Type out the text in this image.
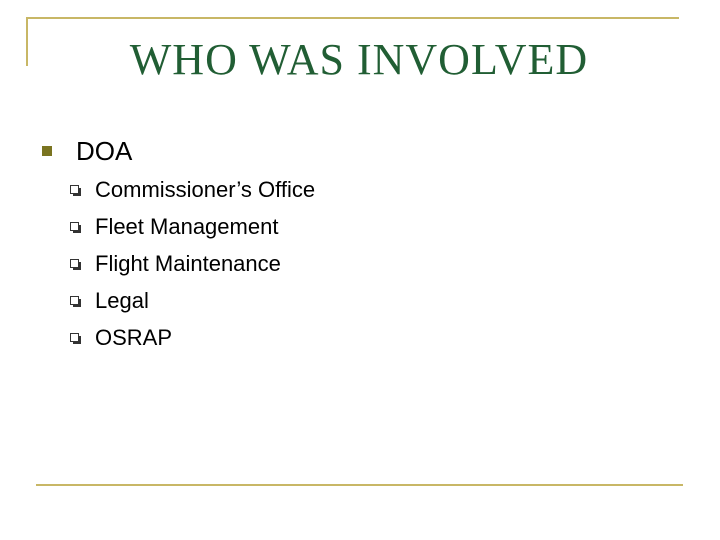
WHO WAS INVOLVED
DOA
Commissioner’s Office
Fleet Management
Flight Maintenance
Legal
OSRAP
